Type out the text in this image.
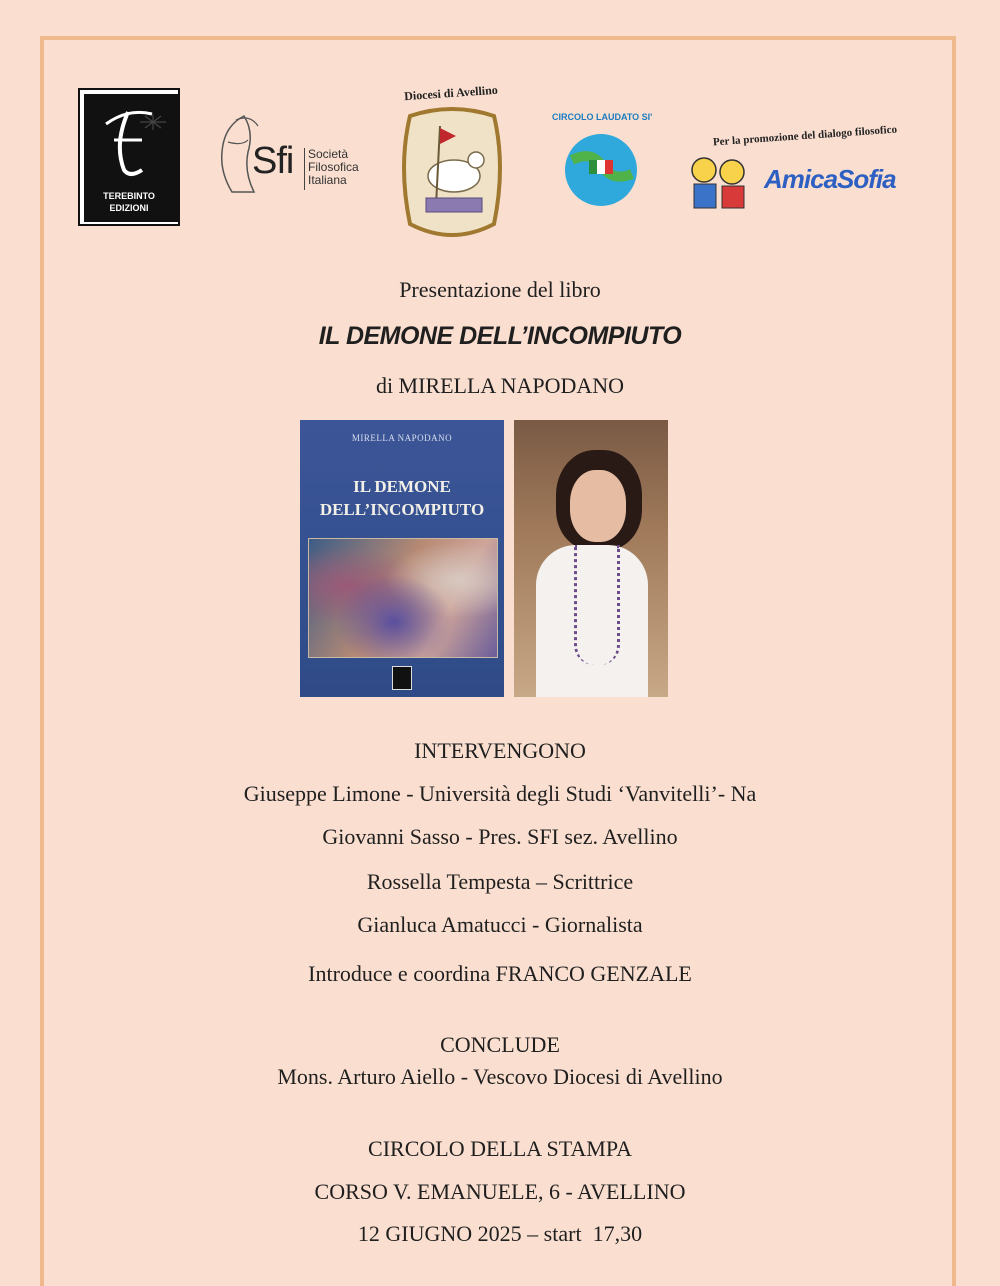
TEREBINTO EDIZIONI
Sfi Società
Filosofica
Italiana
Diocesi di Avellino
CIRCOLO LAUDATO SI'
Per la promozione del dialogo filosofico
AmicaSofia
Presentazione del libro
IL DEMONE DELL’INCOMPIUTO
di MIRELLA NAPODANO
MIRELLA NAPODANO
IL DEMONE
DELL’INCOMPIUTO
INTERVENGONO
Giuseppe Limone - Università degli Studi ‘Vanvitelli’- Na
Giovanni Sasso - Pres. SFI sez. Avellino
Rossella Tempesta – Scrittrice
Gianluca Amatucci - Giornalista
Introduce e coordina FRANCO GENZALE
CONCLUDE
Mons. Arturo Aiello - Vescovo Diocesi di Avellino
CIRCOLO DELLA STAMPA
CORSO V. EMANUELE, 6 - AVELLINO
12 GIUGNO 2025 – start  17,30
